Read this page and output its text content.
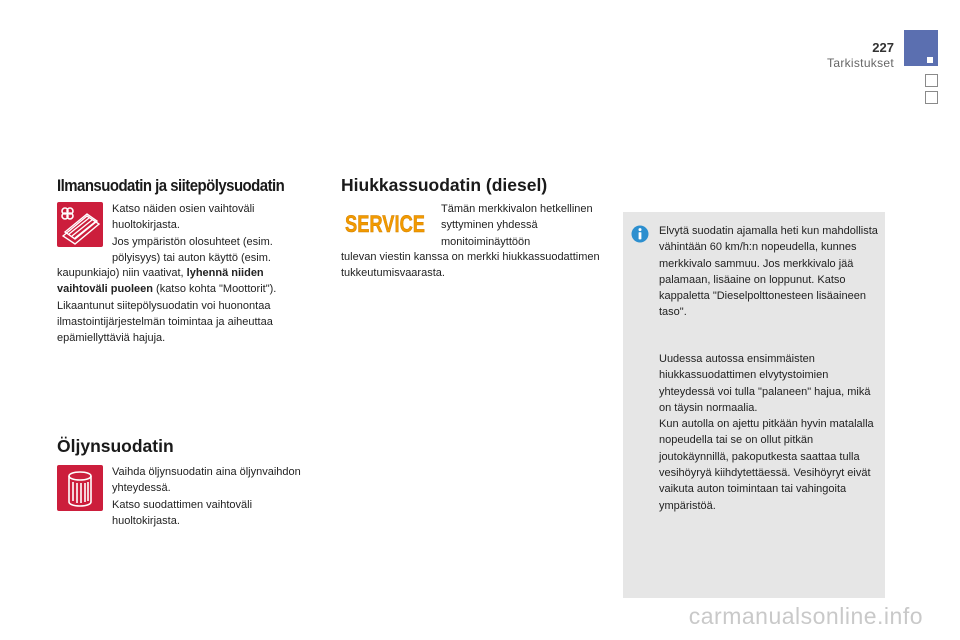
227
Tarkistukset
Ilmansuodatin ja siitepölysuodatin

Katso näiden osien vaihtoväli huoltokirjasta.
Jos ympäristön olosuhteet (esim. pölyisyys) tai auton käyttö (esim.

kaupunkiajo) niin vaativat, lyhennä niiden vaihtoväli puoleen (katso kohta "Moottorit").
Likaantunut siitepölysuodatin voi huonontaa ilmastointijärjestelmän toimintaa ja aiheuttaa epämiellyttäviä hajuja.

Hiukkassuodatin (diesel)
SERVICE

Tämän merkkivalon hetkellinen syttyminen yhdessä monitoiminäyttöön

tulevan viestin kanssa on merkki hiukkassuodattimen tukkeutumisvaarasta.

Elvytä suodatin ajamalla heti kun mahdollista vähintään 60 km/h:n nopeudella, kunnes merkkivalo sammuu. Jos merkkivalo jää palamaan, lisäaine on loppunut. Katso kappaletta "Dieselpolttonesteen lisäaineen taso".

Uudessa autossa ensimmäisten hiukkassuodattimen elvytystoimien yhteydessä voi tulla "palaneen" hajua, mikä on täysin normaalia.
Kun autolla on ajettu pitkään hyvin matalalla nopeudella tai se on ollut pitkän joutokäynnillä, pakoputkesta saattaa tulla vesihöyryä kiihdytettäessä. Vesihöyryt eivät vaikuta auton toimintaan tai vahingoita ympäristöä.

Öljynsuodatin

Vaihda öljynsuodatin aina öljynvaihdon yhteydessä.
Katso suodattimen vaihtoväli huoltokirjasta.

carmanualsonline.info
